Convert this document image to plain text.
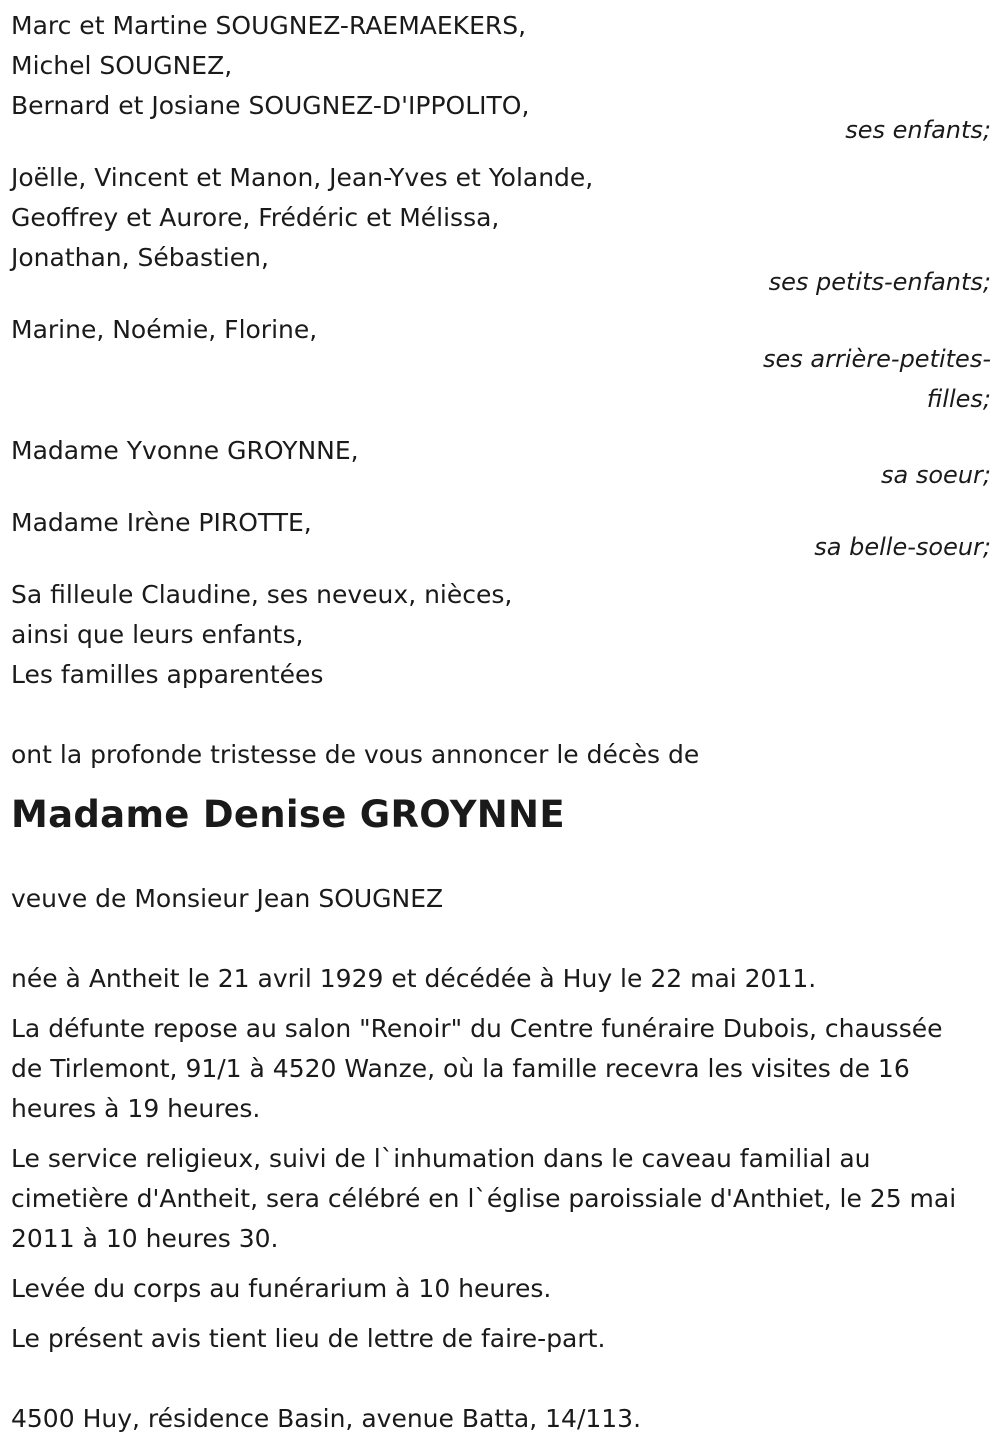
Marc et Martine SOUGNEZ-RAEMAEKERS,
Michel SOUGNEZ,
Bernard et Josiane SOUGNEZ-D'IPPOLITO,
ses enfants;
Joëlle, Vincent et Manon, Jean-Yves et Yolande,
Geoffrey et Aurore, Frédéric et Mélissa,
Jonathan, Sébastien,
ses petits-enfants;
Marine, Noémie, Florine,
ses arrière-petites-filles;
Madame Yvonne GROYNNE,
sa soeur;
Madame Irène PIROTTE,
sa belle-soeur;
Sa filleule Claudine, ses neveux, nièces,
ainsi que leurs enfants,
Les familles apparentées
ont la profonde tristesse de vous annoncer le décès de
Madame Denise GROYNNE
veuve de Monsieur Jean SOUGNEZ
née à Antheit le 21 avril 1929 et décédée à Huy le 22 mai 2011.

La défunte repose au salon "Renoir" du Centre funéraire Dubois, chaussée de Tirlemont, 91/1 à 4520 Wanze, où la famille recevra les visites de 16 heures à 19 heures.

Le service religieux, suivi de l`inhumation dans le caveau familial au cimetière d'Antheit, sera célébré en l`église paroissiale d'Anthiet, le 25 mai 2011 à 10 heures 30.

Levée du corps au funérarium à 10 heures.

Le présent avis tient lieu de lettre de faire-part.

4500 Huy, résidence Basin, avenue Batta, 14/113.
